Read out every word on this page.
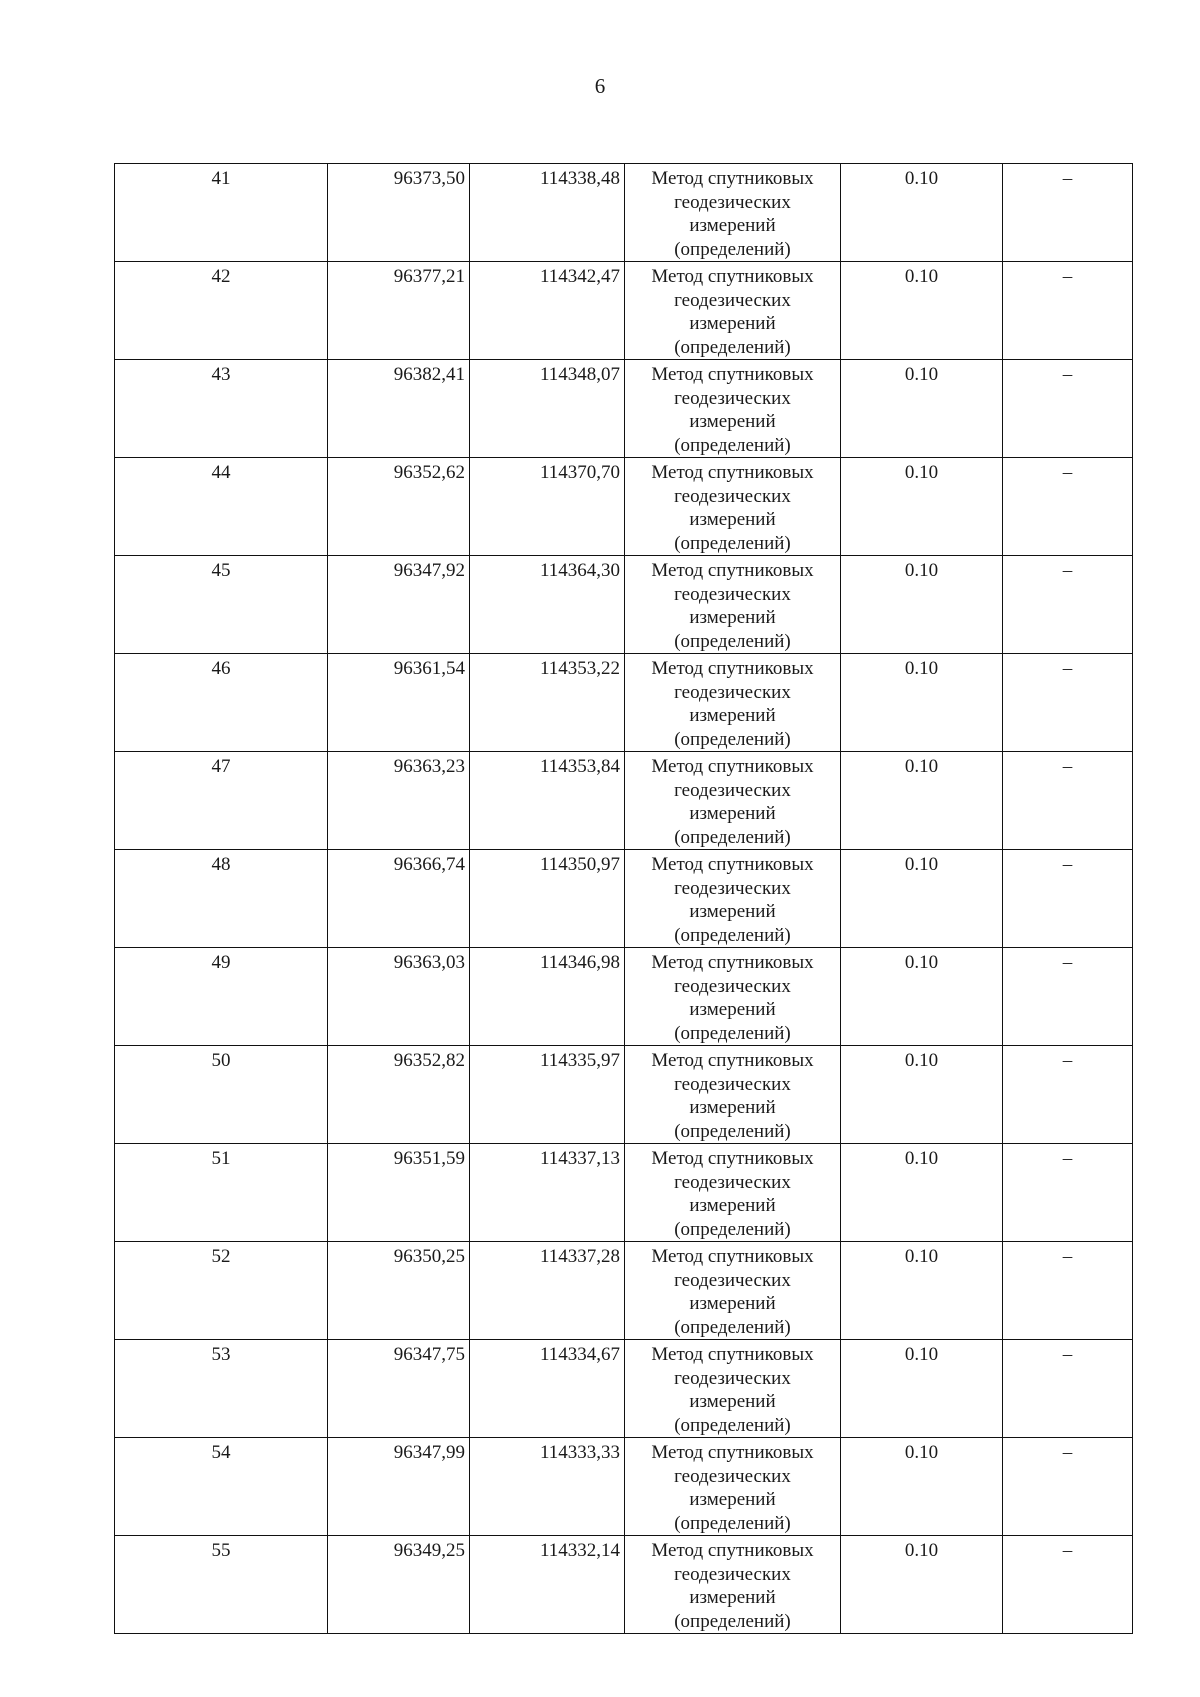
6
41	96373,50	114338,48	Метод спутниковых геодезических измерений (определений)	0.10	–
42	96377,21	114342,47	Метод спутниковых геодезических измерений (определений)	0.10	–
43	96382,41	114348,07	Метод спутниковых геодезических измерений (определений)	0.10	–
44	96352,62	114370,70	Метод спутниковых геодезических измерений (определений)	0.10	–
45	96347,92	114364,30	Метод спутниковых геодезических измерений (определений)	0.10	–
46	96361,54	114353,22	Метод спутниковых геодезических измерений (определений)	0.10	–
47	96363,23	114353,84	Метод спутниковых геодезических измерений (определений)	0.10	–
48	96366,74	114350,97	Метод спутниковых геодезических измерений (определений)	0.10	–
49	96363,03	114346,98	Метод спутниковых геодезических измерений (определений)	0.10	–
50	96352,82	114335,97	Метод спутниковых геодезических измерений (определений)	0.10	–
51	96351,59	114337,13	Метод спутниковых геодезических измерений (определений)	0.10	–
52	96350,25	114337,28	Метод спутниковых геодезических измерений (определений)	0.10	–
53	96347,75	114334,67	Метод спутниковых геодезических измерений (определений)	0.10	–
54	96347,99	114333,33	Метод спутниковых геодезических измерений (определений)	0.10	–
55	96349,25	114332,14	Метод спутниковых геодезических измерений (определений)	0.10	–
